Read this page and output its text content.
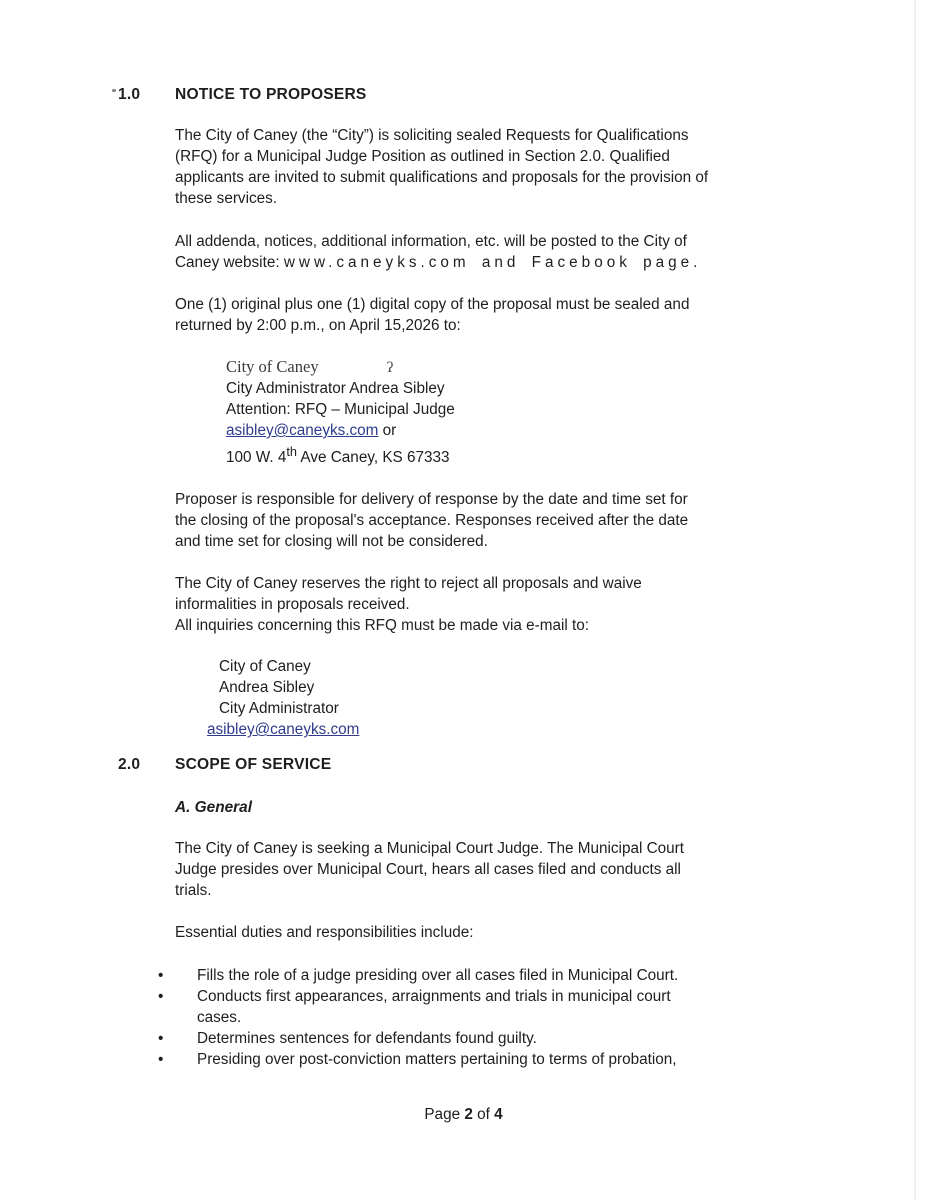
1.0	NOTICE TO PROPOSERS
The City of Caney (the “City”) is soliciting sealed Requests for Qualifications
(RFQ) for a Municipal Judge Position as outlined in Section 2.0. Qualified
applicants are invited to submit qualifications and proposals for the provision of
these services.
All addenda, notices, additional information, etc. will be posted to the City of
Caney website: www.caneyks.com and Facebook page.
One (1) original plus one (1) digital copy of the proposal must be sealed and
returned by 2:00 p.m., on April 15,2026 to:
City of Caney	ʔ
City Administrator Andrea Sibley
Attention: RFQ – Municipal Judge
asibley@caneyks.com or
100 W. 4th Ave Caney, KS 67333
Proposer is responsible for delivery of response by the date and time set for
the closing of the proposal's acceptance. Responses received after the date
and time set for closing will not be considered.
The City of Caney reserves the right to reject all proposals and waive
informalities in proposals received.
All inquiries concerning this RFQ must be made via e-mail to:
City of Caney
Andrea Sibley
City Administrator
asibley@caneyks.com
2.0	SCOPE OF SERVICE
A. General
The City of Caney is seeking a Municipal Court Judge. The Municipal Court
Judge presides over Municipal Court, hears all cases filed and conducts all
trials.
Essential duties and responsibilities include:
•	Fills the role of a judge presiding over all cases filed in Municipal Court.
•	Conducts first appearances, arraignments and trials in municipal court
cases.
•	Determines sentences for defendants found guilty.
•	Presiding over post-conviction matters pertaining to terms of probation,
Page 2 of 4
